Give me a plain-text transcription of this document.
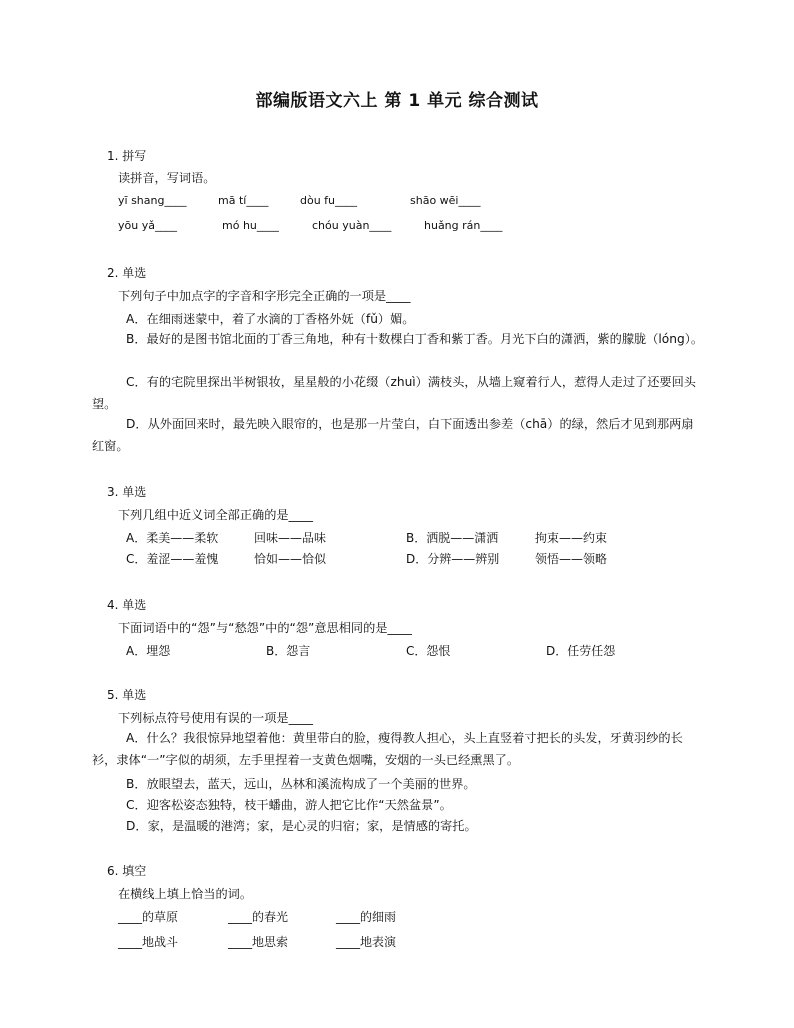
部编版语文六上 第 1 单元 综合测试
1. 拼写
读拼音，写词语。
yī shang____	mā tí____	dòu fu____	shāo wēi____
yōu yǎ____	mó hu____	chóu yuàn____	huǎng rán____
2. 单选
下列句子中加点字的字音和字形完全正确的一项是____
A．在细雨迷蒙中，着了水滴的丁香格外妩（fǔ）媚。
B．最好的是图书馆北面的丁香三角地，种有十数棵白丁香和紫丁香。月光下白的潇洒，紫的朦胧（lóng）。
C．有的宅院里探出半树银妆，星星般的小花缀（zhuì）满枝头，从墙上窥着行人，惹得人走过了还要回头望。
D．从外面回来时，最先映入眼帘的，也是那一片莹白，白下面透出参差（chā）的绿，然后才见到那两扇红窗。
3. 单选
下列几组中近义词全部正确的是____
A．柔美——柔软	回味——品味	B．洒脱——潇洒	拘束——约束
C．羞涩——羞愧	恰如——恰似	D．分辨——辨别	领悟——领略
4. 单选
下面词语中的“怨”与“愁怨”中的“怨”意思相同的是____
A．埋怨	B．怨言	C．怨恨	D．任劳任怨
5. 单选
下列标点符号使用有误的一项是____
A．什么？我很惊异地望着他：黄里带白的脸，瘦得教人担心，头上直竖着寸把长的头发，牙黄羽纱的长衫，隶体“一”字似的胡须，左手里捏着一支黄色烟嘴，安烟的一头已经熏黑了。
B．放眼望去，蓝天，远山，丛林和溪流构成了一个美丽的世界。
C．迎客松姿态独特，枝干蟠曲，游人把它比作“天然盆景”。
D．家，是温暖的港湾；家，是心灵的归宿；家，是情感的寄托。
6. 填空
在横线上填上恰当的词。
____的草原	____的春光	____的细雨
____地战斗	____地思索	____地表演
